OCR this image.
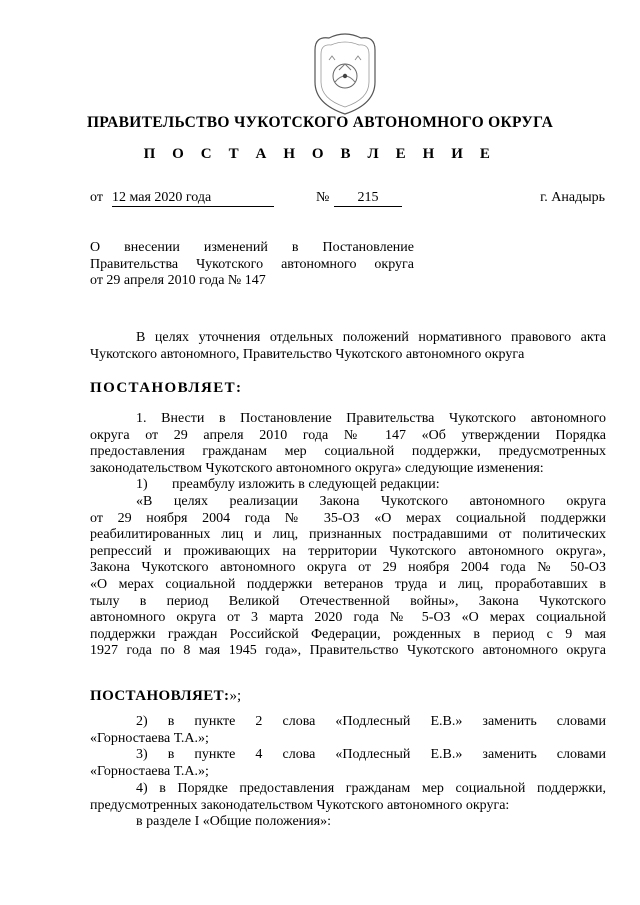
ПРАВИТЕЛЬСТВО ЧУКОТСКОГО АВТОНОМНОГО ОКРУГА
П О С Т А Н О В Л Е Н И Е
от 12 мая 2020 года	№	215	г. Анадырь
О внесении изменений в Постановление
Правительства Чукотского автономного округа
от 29 апреля 2010 года № 147
В целях уточнения отдельных положений нормативного правового акта
Чукотского автономного, Правительство Чукотского автономного округа
ПОСТАНОВЛЯЕТ:
1. Внести в Постановление Правительства Чукотского автономного
округа от 29 апреля 2010 года № 147 «Об утверждении Порядка
предоставления гражданам мер социальной поддержки, предусмотренных
законодательством Чукотского автономного округа» следующие изменения:
1) преамбулу изложить в следующей редакции:
«В целях реализации Закона Чукотского автономного округа
от 29 ноября 2004 года № 35-ОЗ «О мерах социальной поддержки
реабилитированных лиц и лиц, признанных пострадавшими от политических
репрессий и проживающих на территории Чукотского автономного округа»,
Закона Чукотского автономного округа от 29 ноября 2004 года № 50-ОЗ
«О мерах социальной поддержки ветеранов труда и лиц, проработавших в
тылу в период Великой Отечественной войны», Закона Чукотского
автономного округа от 3 марта 2020 года № 5-ОЗ «О мерах социальной
поддержки граждан Российской Федерации, рожденных в период с 9 мая
1927 года по 8 мая 1945 года», Правительство Чукотского автономного округа
ПОСТАНОВЛЯЕТ:»;
2) в пункте 2 слова «Подлесный Е.В.» заменить словами
«Горностаева Т.А.»;
3) в пункте 4 слова «Подлесный Е.В.» заменить словами
«Горностаева Т.А.»;
4) в Порядке предоставления гражданам мер социальной поддержки,
предусмотренных законодательством Чукотского автономного округа:
в разделе I «Общие положения»:
